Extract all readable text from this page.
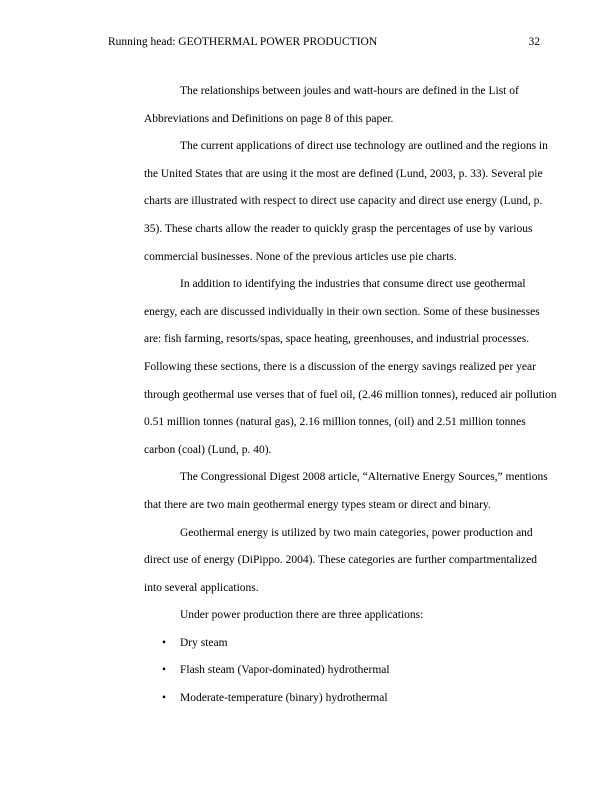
Running head: GEOTHERMAL POWER PRODUCTION	32

The relationships between joules and watt-hours are defined in the List of
Abbreviations and Definitions on page 8 of this paper.

The current applications of direct use technology are outlined and the regions in
the United States that are using it the most are defined (Lund, 2003, p. 33). Several pie
charts are illustrated with respect to direct use capacity and direct use energy (Lund, p.
35). These charts allow the reader to quickly grasp the percentages of use by various
commercial businesses. None of the previous articles use pie charts.

In addition to identifying the industries that consume direct use geothermal
energy, each are discussed individually in their own section. Some of these businesses
are: fish farming, resorts/spas, space heating, greenhouses, and industrial processes.
Following these sections, there is a discussion of the energy savings realized per year
through geothermal use verses that of fuel oil, (2.46 million tonnes), reduced air pollution
0.51 million tonnes (natural gas), 2.16 million tonnes, (oil) and 2.51 million tonnes
carbon (coal) (Lund, p. 40).

The Congressional Digest 2008 article, “Alternative Energy Sources,” mentions
that there are two main geothermal energy types steam or direct and binary.

Geothermal energy is utilized by two main categories, power production and
direct use of energy (DiPippo. 2004). These categories are further compartmentalized
into several applications.

Under power production there are three applications:

• Dry steam
• Flash steam (Vapor-dominated) hydrothermal
• Moderate-temperature (binary) hydrothermal
